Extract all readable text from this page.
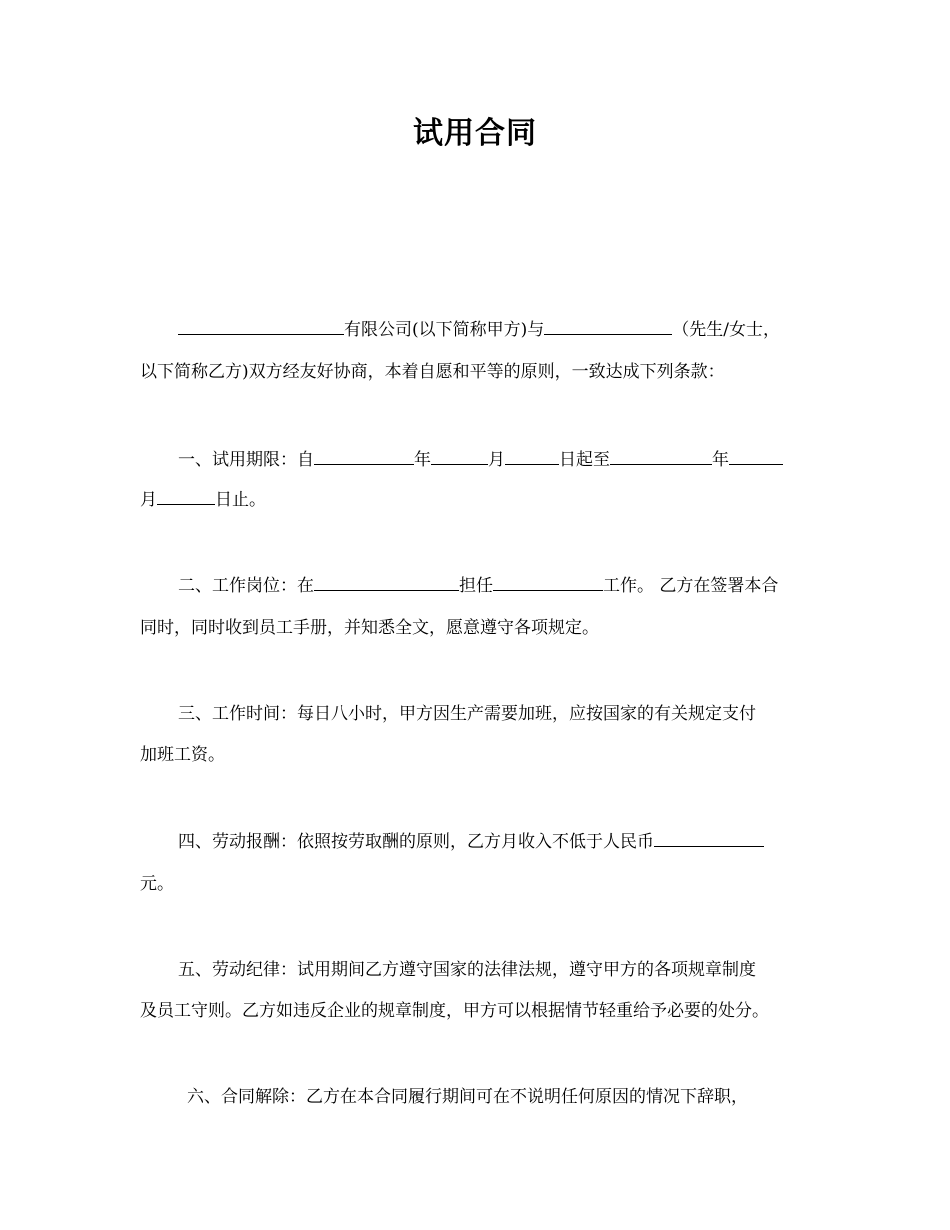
试用合同
有限公司(以下简称甲方)与	（先生/女士，
以下简称乙方)双方经友好协商，本着自愿和平等的原则，一致达成下列条款：
一、试用期限：自	年	月	日起至	年
月	日止。
二、工作岗位：在	担任	工作。 乙方在签署本合
同时，同时收到员工手册，并知悉全文，愿意遵守各项规定。
三、工作时间：每日八小时，甲方因生产需要加班，应按国家的有关规定支付
加班工资。
四、劳动报酬：依照按劳取酬的原则，乙方月收入不低于人民币
元。
五、劳动纪律：试用期间乙方遵守国家的法律法规，遵守甲方的各项规章制度
及员工守则。乙方如违反企业的规章制度，甲方可以根据情节轻重给予必要的处分。
六、合同解除：乙方在本合同履行期间可在不说明任何原因的情况下辞职，
